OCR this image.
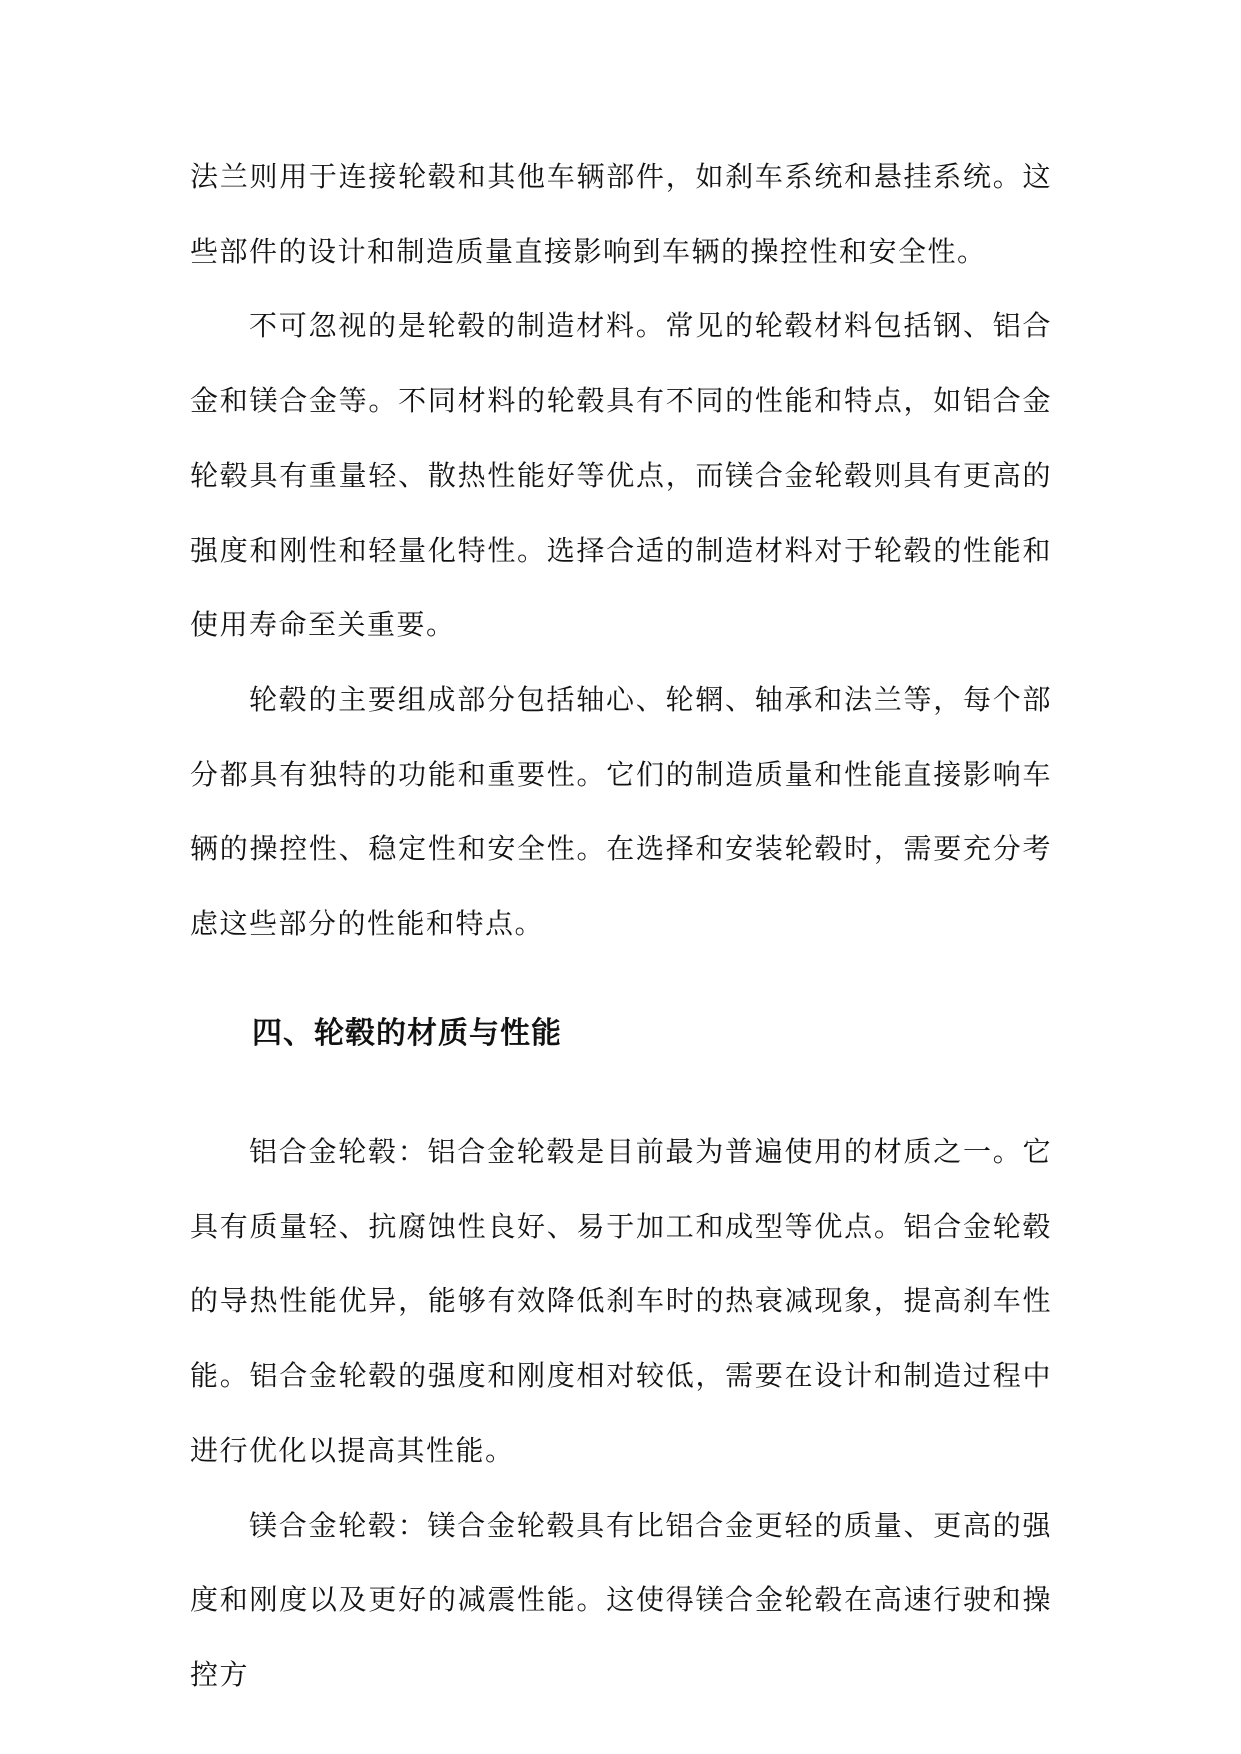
法兰则用于连接轮毂和其他车辆部件，如刹车系统和悬挂系统。这些部件的设计和制造质量直接影响到车辆的操控性和安全性。

不可忽视的是轮毂的制造材料。常见的轮毂材料包括钢、铝合金和镁合金等。不同材料的轮毂具有不同的性能和特点，如铝合金轮毂具有重量轻、散热性能好等优点，而镁合金轮毂则具有更高的强度和刚性和轻量化特性。选择合适的制造材料对于轮毂的性能和使用寿命至关重要。

轮毂的主要组成部分包括轴心、轮辋、轴承和法兰等，每个部分都具有独特的功能和重要性。它们的制造质量和性能直接影响车辆的操控性、稳定性和安全性。在选择和安装轮毂时，需要充分考虑这些部分的性能和特点。

四、轮毂的材质与性能

铝合金轮毂：铝合金轮毂是目前最为普遍使用的材质之一。它具有质量轻、抗腐蚀性良好、易于加工和成型等优点。铝合金轮毂的导热性能优异，能够有效降低刹车时的热衰减现象，提高刹车性能。铝合金轮毂的强度和刚度相对较低，需要在设计和制造过程中进行优化以提高其性能。

镁合金轮毂：镁合金轮毂具有比铝合金更轻的质量、更高的强度和刚度以及更好的减震性能。这使得镁合金轮毂在高速行驶和操控方
